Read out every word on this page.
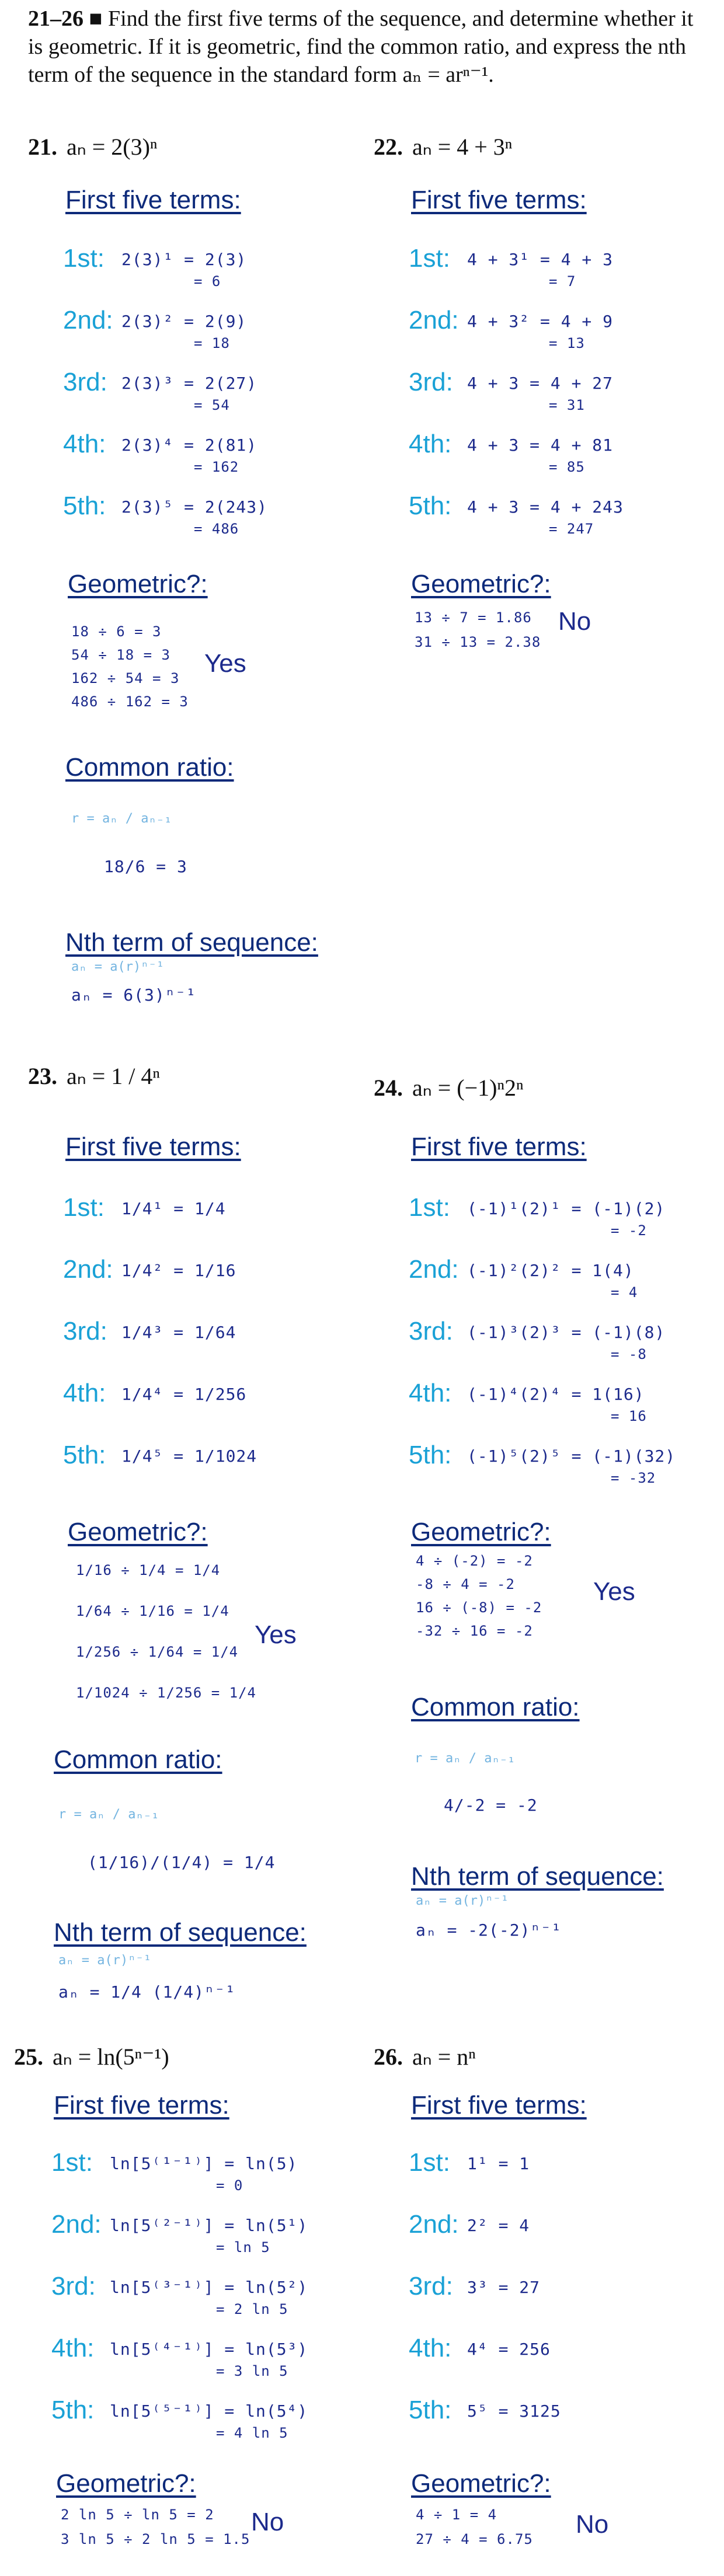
21–26 ■ Find the first five terms of the sequence, and determine whether it is geometric. If it is geometric, find the common ratio, and express the nth term of the sequence in the standard form aₙ = arⁿ⁻¹.
21. aₙ = 2(3)ⁿ
First five terms:
1st: 2(3)¹ = 2(3)
= 6
2nd: 2(3)² = 2(9)
= 18
3rd: 2(3)³ = 2(27)
= 54
4th: 2(3)⁴ = 2(81)
= 162
5th: 2(3)⁵ = 2(243)
= 486
Geometric?:
18 ÷ 6 = 3
54 ÷ 18 = 3
162 ÷ 54 = 3
486 ÷ 162 = 3
Yes
Common ratio:
r = aₙ / aₙ₋₁
18/6 = 3
Nth term of sequence:
aₙ = a(r)ⁿ⁻¹
aₙ = 6(3)ⁿ⁻¹
22. aₙ = 4 + 3ⁿ
First five terms:
1st: 4 + 3¹ = 4 + 3
= 7
2nd: 4 + 3² = 4 + 9
= 13
3rd: 4 + 3 = 4 + 27
= 31
4th: 4 + 3 = 4 + 81
= 85
5th: 4 + 3 = 4 + 243
= 247
Geometric?:
13 ÷ 7 = 1.86
31 ÷ 13 = 2.38
No
23. aₙ = 1 / 4ⁿ
First five terms:
1st: 1/4¹ = 1/4
2nd: 1/4² = 1/16
3rd: 1/4³ = 1/64
4th: 1/4⁴ = 1/256
5th: 1/4⁵ = 1/1024
Geometric?:
1/16 ÷ 1/4 = 1/4
1/64 ÷ 1/16 = 1/4
1/256 ÷ 1/64 = 1/4
1/1024 ÷ 1/256 = 1/4
Yes
Common ratio:
r = aₙ / aₙ₋₁
(1/16)/(1/4) = 1/4
Nth term of sequence:
aₙ = a(r)ⁿ⁻¹
aₙ = 1/4 (1/4)ⁿ⁻¹
24. aₙ = (−1)ⁿ2ⁿ
First five terms:
1st: (-1)¹(2)¹ = (-1)(2)
= -2
2nd: (-1)²(2)² = 1(4)
= 4
3rd: (-1)³(2)³ = (-1)(8)
= -8
4th: (-1)⁴(2)⁴ = 1(16)
= 16
5th: (-1)⁵(2)⁵ = (-1)(32)
= -32
Geometric?:
4 ÷ (-2) = -2
-8 ÷ 4 = -2
16 ÷ (-8) = -2
-32 ÷ 16 = -2
Yes
Common ratio:
r = aₙ / aₙ₋₁
4/-2 = -2
Nth term of sequence:
aₙ = a(r)ⁿ⁻¹
aₙ = -2(-2)ⁿ⁻¹
25. aₙ = ln(5ⁿ⁻¹)
First five terms:
1st: ln[5⁽¹⁻¹⁾] = ln(5)
= 0
2nd: ln[5⁽²⁻¹⁾] = ln(5¹)
= ln 5
3rd: ln[5⁽³⁻¹⁾] = ln(5²)
= 2 ln 5
4th: ln[5⁽⁴⁻¹⁾] = ln(5³)
= 3 ln 5
5th: ln[5⁽⁵⁻¹⁾] = ln(5⁴)
= 4 ln 5
Geometric?:
2 ln 5 ÷ ln 5 = 2
3 ln 5 ÷ 2 ln 5 = 1.5
No
26. aₙ = nⁿ
First five terms:
1st: 1¹ = 1
2nd: 2² = 4
3rd: 3³ = 27
4th: 4⁴ = 256
5th: 5⁵ = 3125
Geometric?:
4 ÷ 1 = 4
27 ÷ 4 = 6.75
No
